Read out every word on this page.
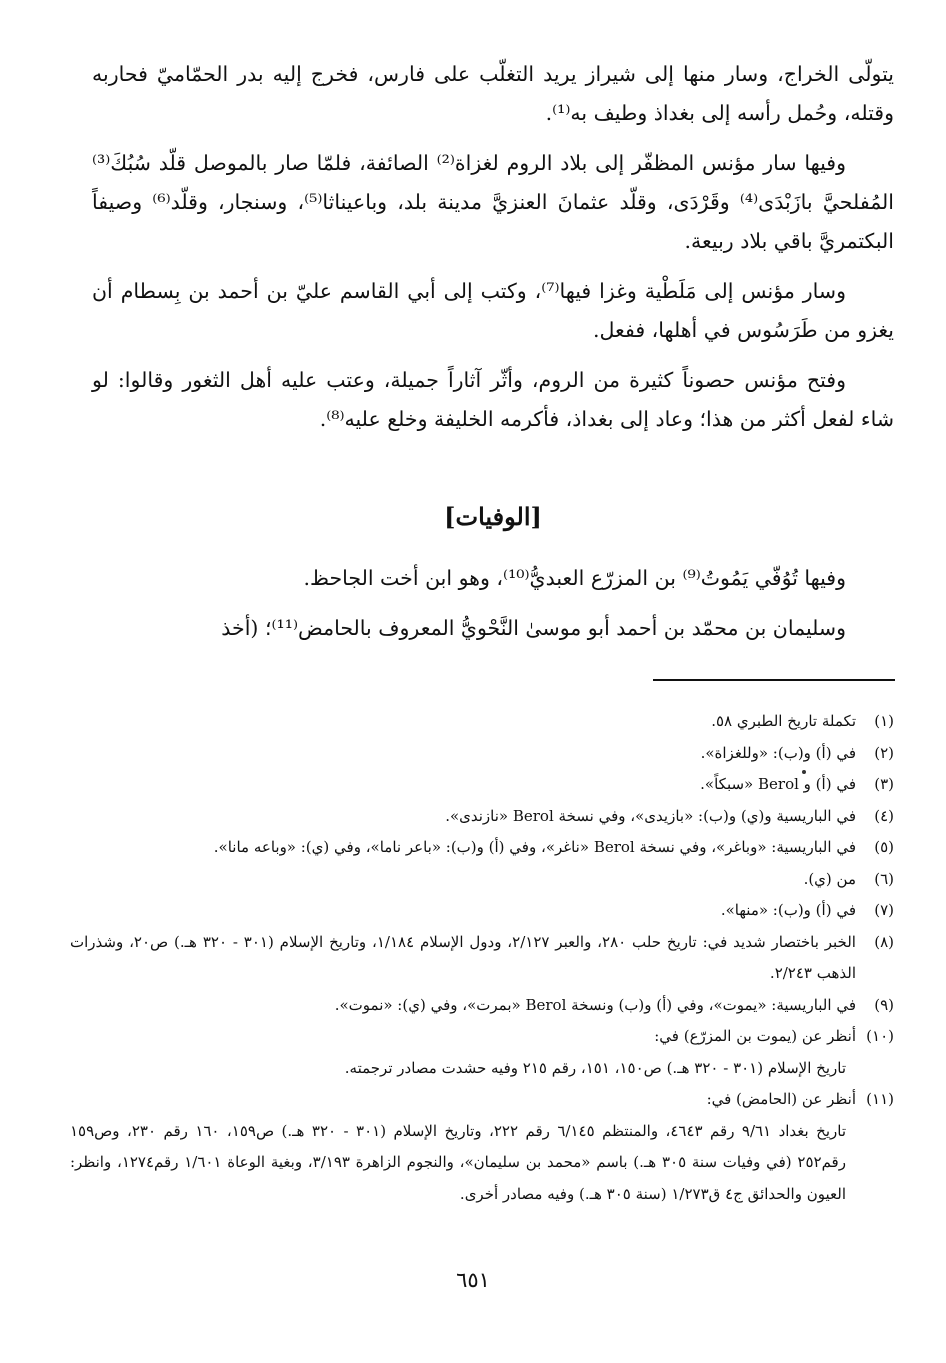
يتولّى الخراج، وسار منها إلى شيراز يريد التغلّب على فارس، فخرج إليه بدر الحمّاميّ فحاربه وقتله، وحُمل رأسه إلى بغداذ وطيف به⁽¹⁾.

وفيها سار مؤنس المظفّر إلى بلاد الروم لغزاة⁽²⁾ الصائفة، فلمّا صار بالموصل قلّد سُبُكَ⁽³⁾ المُفلحيَّ بازَبْدَى⁽⁴⁾ وقَرْدَى، وقلّد عثمانَ العنزيَّ مدينة بلد، وباعيناثا⁽⁵⁾، وسنجار، وقلّد⁽⁶⁾ وصيفاً البكتمريَّ باقي بلاد ربيعة.

وسار مؤنس إلى مَلَطْية وغزا فيها⁽⁷⁾، وكتب إلى أبي القاسم عليّ بن أحمد بن بِسطام أن يغزو من طَرَسُوس في أهلها، ففعل.

وفتح مؤنس حصوناً كثيرة من الروم، وأثّر آثاراً جميلة، وعتب عليه أهل الثغور وقالوا: لو شاء لفعل أكثر من هذا؛ وعاد إلى بغداذ، فأكرمه الخليفة وخلع عليه⁽⁸⁾.

[الوفيات]

وفيها تُوُفّي يَمُوتُ⁽⁹⁾ بن المزرّع العبديُّ⁽¹⁰⁾، وهو ابن أخت الجاحظ.

وسليمان بن محمّد بن أحمد أبو موسىٰ النَّحْويُّ المعروف بالحامض⁽¹¹⁾؛ (أخذ

(١)
تكملة تاريخ الطبري ٥٨.
(٢)
في (أ) و(ب): «وللغزاة».
(٣)
في (أ) و Berol «سبكاً».
(٤)
في الباريسية و(ي) و(ب): «بازيدى»، وفي نسخة Berol «نازندى».
(٥)
في الباريسية: «وباغر»، وفي نسخة Berol «ناغر»، وفي (أ) و(ب): «باعر ناما»، وفي (ي): «وباعه مانا».
(٦)
من (ي).
(٧)
في (أ) و(ب): «منها».
(٨)
الخبر باختصار شديد في: تاريخ حلب ٢٨٠، والعبر ٢/١٢٧، ودول الإسلام ١/١٨٤، وتاريخ الإسلام (٣٠١ - ٣٢٠ هـ.) ص٢٠، وشذرات الذهب ٢/٢٤٣.
(٩)
في الباريسية: «يموت»، وفي (أ) و(ب) ونسخة Berol «بمرت»، وفي (ي): «نموت».
(١٠)
أنظر عن (يموت بن المزرّع) في:
تاريخ الإسلام (٣٠١ - ٣٢٠ هـ.) ص١٥٠، ١٥١، رقم ٢١٥ وفيه حشدت مصادر ترجمته.
(١١)
أنظر عن (الحامض) في:
تاريخ بغداد ٩/٦١ رقم ٤٦٤٣، والمنتظم ٦/١٤٥ رقم ٢٢٢، وتاريخ الإسلام (٣٠١ - ٣٢٠ هـ.) ص١٥٩، ١٦٠ رقم ٢٣٠، وص١٥٩ رقم٢٥٢ (في وفيات سنة ٣٠٥ هـ.) باسم «محمد بن سليمان»، والنجوم الزاهرة ٣/١٩٣، وبغية الوعاة ١/٦٠١ رقم١٢٧٤، وانظر: العيون والحدائق ج٤ ق١/٢٧٣ (سنة ٣٠٥ هـ.) وفيه مصادر أخرى.
٦٥١
